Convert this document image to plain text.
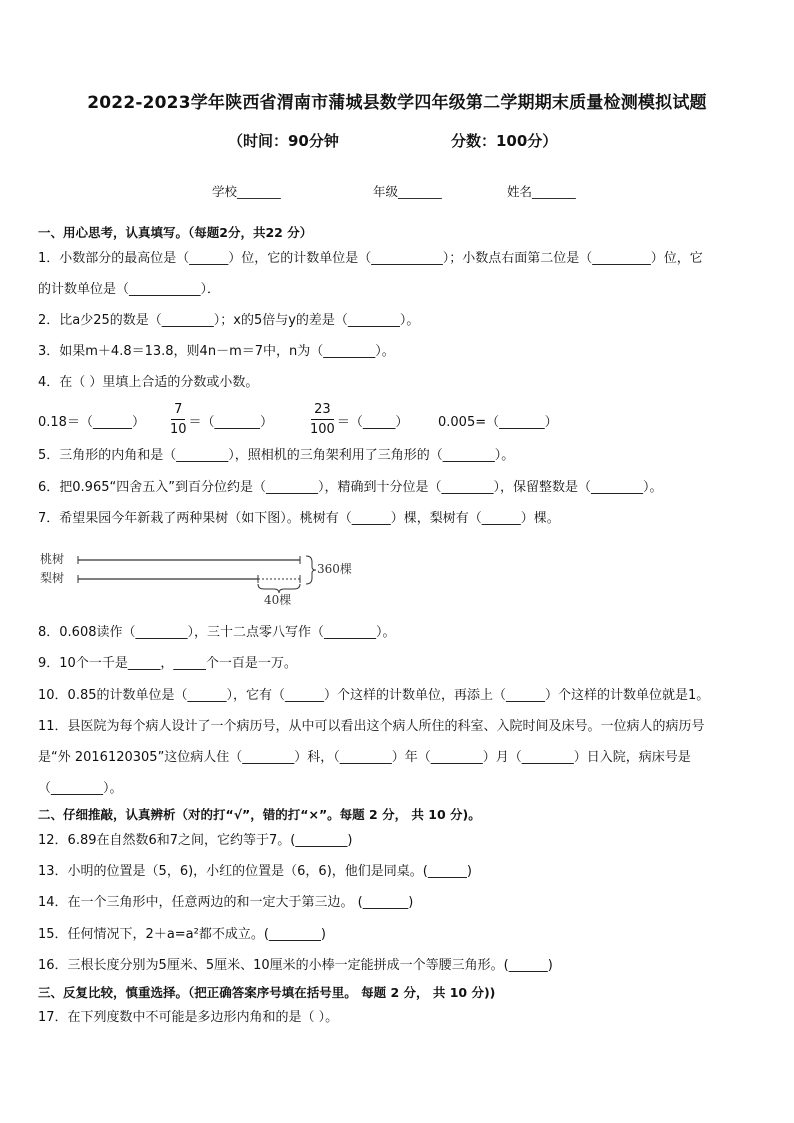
2022-2023学年陕西省渭南市蒲城县数学四年级第二学期期末质量检测模拟试题
（时间：90分钟	分数：100分）
学校_______	年级_______	姓名_______
一、用心思考，认真填写。（每题2分，共22 分）
1．小数部分的最高位是（______）位，它的计数单位是（___________）；小数点右面第二位是（_________）位，它
的计数单位是（___________）．
2．比a少25的数是（________）；x的5倍与y的差是（________）。
3．如果m＋4.8＝13.8，则4n－m＝7中，n为（________）。
4．在（ ）里填上合适的分数或小数。
0.18＝（______） $\frac{7}{10}$ ＝（_______）	$\frac{23}{100}$ ＝（_____） 0.005=（_______）
5．三角形的内角和是（________），照相机的三角架利用了三角形的（________）。
6．把0.965“四舍五入”到百分位约是（________），精确到十分位是（________），保留整数是（________）。
7．希望果园今年新栽了两种果树（如下图）。桃树有（______）棵，梨树有（______）棵。
桃树
梨树
360棵
40棵
8．0.608读作（________），三十二点零八写作（________）。
9．10个一千是_____，_____个一百是一万。
10．0.85的计数单位是（______），它有（______）个这样的计数单位，再添上（______）个这样的计数单位就是1。
11．县医院为每个病人设计了一个病历号，从中可以看出这个病人所住的科室、入院时间及床号。一位病人的病历号
是“外 2016120305”这位病人住（________）科，（________）年（________）月（________）日入院，病床号是
（________）。
二、仔细推敲，认真辨析（对的打“√”，错的打“×”。每题 2 分， 共 10 分)。
12．6.89在自然数6和7之间，它约等于7。(________)
13．小明的位置是（5，6)，小红的位置是（6，6)，他们是同桌。(______)
14．在一个三角形中，任意两边的和一定大于第三边。 (_______)
15．任何情况下，2＋a=a²都不成立。(________)
16．三根长度分别为5厘米、5厘米、10厘米的小棒一定能拼成一个等腰三角形。(______)
三、反复比较，慎重选择。（把正确答案序号填在括号里。 每题 2 分， 共 10 分))
17．在下列度数中不可能是多边形内角和的是（ ）。
